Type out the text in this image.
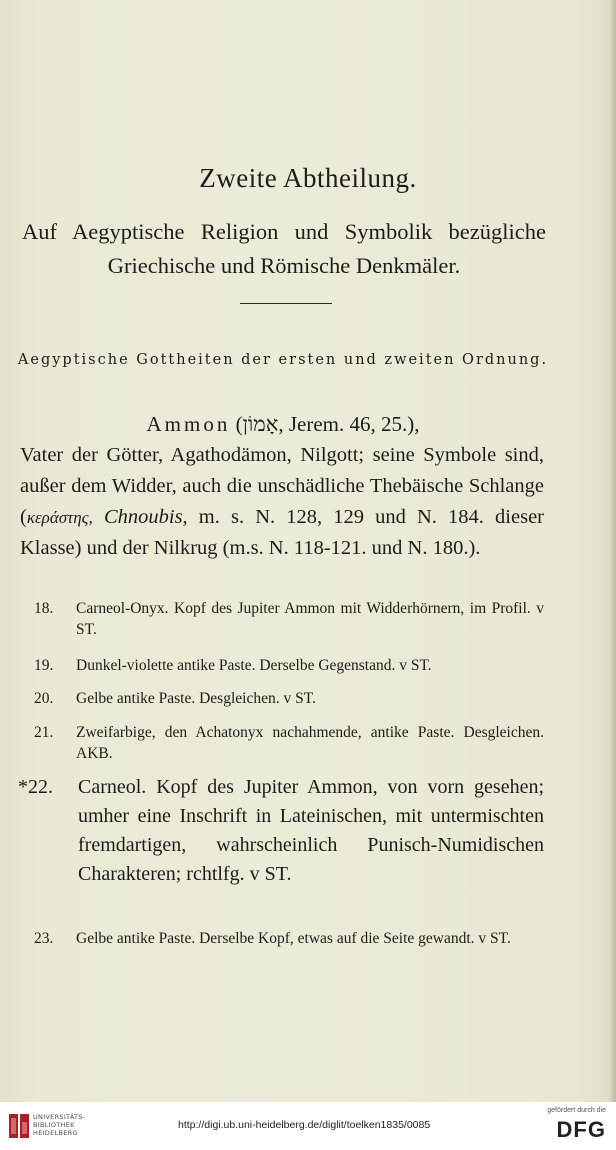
Zweite Abtheilung.

Auf Aegyptische Religion und Symbolik bezügliche Griechische und Römische Denkmäler.

Aegyptische Gottheiten der ersten und zweiten Ordnung.

Ammon (אָמוֹן, Jerem. 46, 25.),

Vater der Götter, Agathodämon, Nilgott; seine Symbole sind, außer dem Widder, auch die unschädliche Thebäische Schlange (κεράστης, Chnoubis, m. s. N. 128, 129 und N. 184. dieser Klasse) und der Nilkrug (m.s. N. 118-121. und N. 180.).

18.	Carneol-Onyx. Kopf des Jupiter Ammon mit Widderhörnern, im Profil. v ST.
19.	Dunkel-violette antike Paste. Derselbe Gegenstand. v ST.
20.	Gelbe antike Paste. Desgleichen. v ST.
21.	Zweifarbige, den Achatonyx nachahmende, antike Paste. Desgleichen. AKB.
*22.	Carneol. Kopf des Jupiter Ammon, von vorn gesehen; umher eine Inschrift in Lateinischen, mit untermischten fremdartigen, wahrscheinlich Punisch-Numidischen Charakteren; rchtlfg. v ST.
23.	Gelbe antike Paste. Derselbe Kopf, etwas auf die Seite gewandt. v ST.
UNIVERSITÄTS-
BIBLIOTHEK
HEIDELBERG
http://digi.ub.uni-heidelberg.de/diglit/toelken1835/0085
gefördert durch die
DFG
